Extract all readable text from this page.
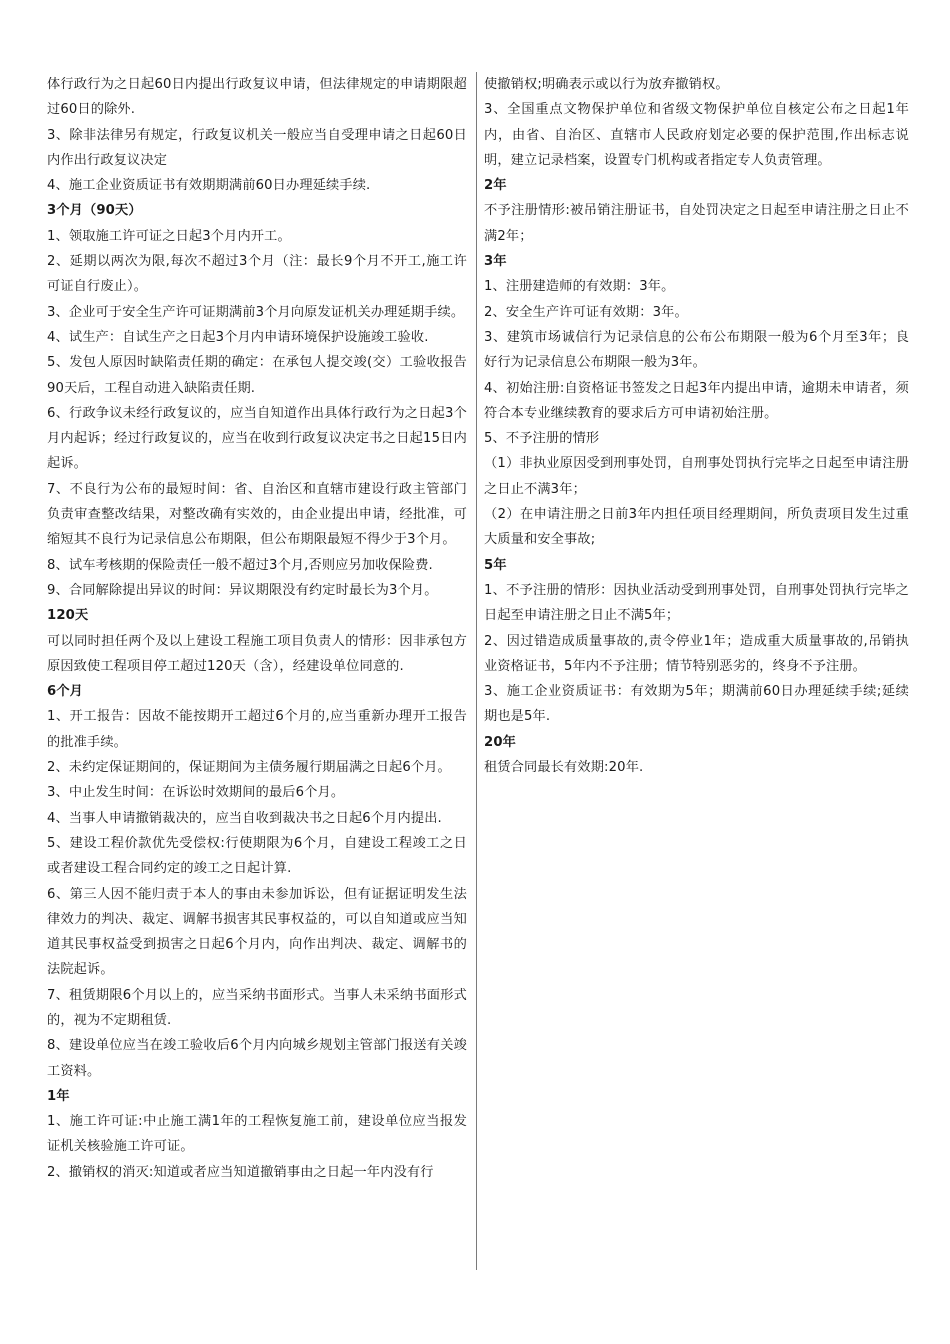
体行政行为之日起60日内提出行政复议申请，但法律规定的申请期限超过60日的除外.

3、除非法律另有规定，行政复议机关一般应当自受理申请之日起60日内作出行政复议决定

4、施工企业资质证书有效期期满前60日办理延续手续.

3个月（90天）

1、领取施工许可证之日起3个月内开工。

2、延期以两次为限,每次不超过3个月（注：最长9个月不开工,施工许可证自行废止）。

3、企业可于安全生产许可证期满前3个月向原发证机关办理延期手续。

4、试生产：自试生产之日起3个月内申请环境保护设施竣工验收.

5、发包人原因时缺陷责任期的确定：在承包人提交竣(交）工验收报告90天后，工程自动进入缺陷责任期.

6、行政争议未经行政复议的，应当自知道作出具体行政行为之日起3个月内起诉；经过行政复议的，应当在收到行政复议决定书之日起15日内起诉。

7、不良行为公布的最短时间：省、自治区和直辖市建设行政主管部门负责审查整改结果，对整改确有实效的，由企业提出申请，经批准，可缩短其不良行为记录信息公布期限，但公布期限最短不得少于3个月。

8、试车考核期的保险责任一般不超过3个月,否则应另加收保险费.

9、合同解除提出异议的时间：异议期限没有约定时最长为3个月。

120天

可以同时担任两个及以上建设工程施工项目负责人的情形：因非承包方原因致使工程项目停工超过120天（含），经建设单位同意的.

6个月

1、开工报告：因故不能按期开工超过6个月的,应当重新办理开工报告的批准手续。

2、未约定保证期间的，保证期间为主债务履行期届满之日起6个月。

3、中止发生时间：在诉讼时效期间的最后6个月。

4、当事人申请撤销裁决的，应当自收到裁决书之日起6个月内提出.

5、建设工程价款优先受偿权:行使期限为6个月，自建设工程竣工之日或者建设工程合同约定的竣工之日起计算.

6、第三人因不能归责于本人的事由未参加诉讼，但有证据证明发生法律效力的判决、裁定、调解书损害其民事权益的，可以自知道或应当知道其民事权益受到损害之日起6个月内，向作出判决、裁定、调解书的法院起诉。

7、租赁期限6个月以上的，应当采纳书面形式。当事人未采纳书面形式的，视为不定期租赁.

8、建设单位应当在竣工验收后6个月内向城乡规划主管部门报送有关竣工资料。

1年

1、施工许可证:中止施工满1年的工程恢复施工前，建设单位应当报发证机关核验施工许可证。

2、撤销权的消灭:知道或者应当知道撤销事由之日起一年内没有行

使撤销权;明确表示或以行为放弃撤销权。

3、全国重点文物保护单位和省级文物保护单位自核定公布之日起1年内，由省、自治区、直辖市人民政府划定必要的保护范围,作出标志说明，建立记录档案，设置专门机构或者指定专人负责管理。

2年

不予注册情形:被吊销注册证书，自处罚决定之日起至申请注册之日止不满2年；

3年

1、注册建造师的有效期：3年。

2、安全生产许可证有效期：3年。

3、建筑市场诚信行为记录信息的公布公布期限一般为6个月至3年；良好行为记录信息公布期限一般为3年。

4、初始注册:自资格证书签发之日起3年内提出申请，逾期未申请者，须符合本专业继续教育的要求后方可申请初始注册。

5、不予注册的情形

（1）非执业原因受到刑事处罚，自刑事处罚执行完毕之日起至申请注册之日止不满3年；

（2）在申请注册之日前3年内担任项目经理期间，所负责项目发生过重大质量和安全事故;

5年

1、不予注册的情形：因执业活动受到刑事处罚，自刑事处罚执行完毕之日起至申请注册之日止不满5年；

2、因过错造成质量事故的,责令停业1年；造成重大质量事故的,吊销执业资格证书，5年内不予注册；情节特别恶劣的，终身不予注册。

3、施工企业资质证书：有效期为5年；期满前60日办理延续手续;延续期也是5年.

20年

租赁合同最长有效期:20年.
